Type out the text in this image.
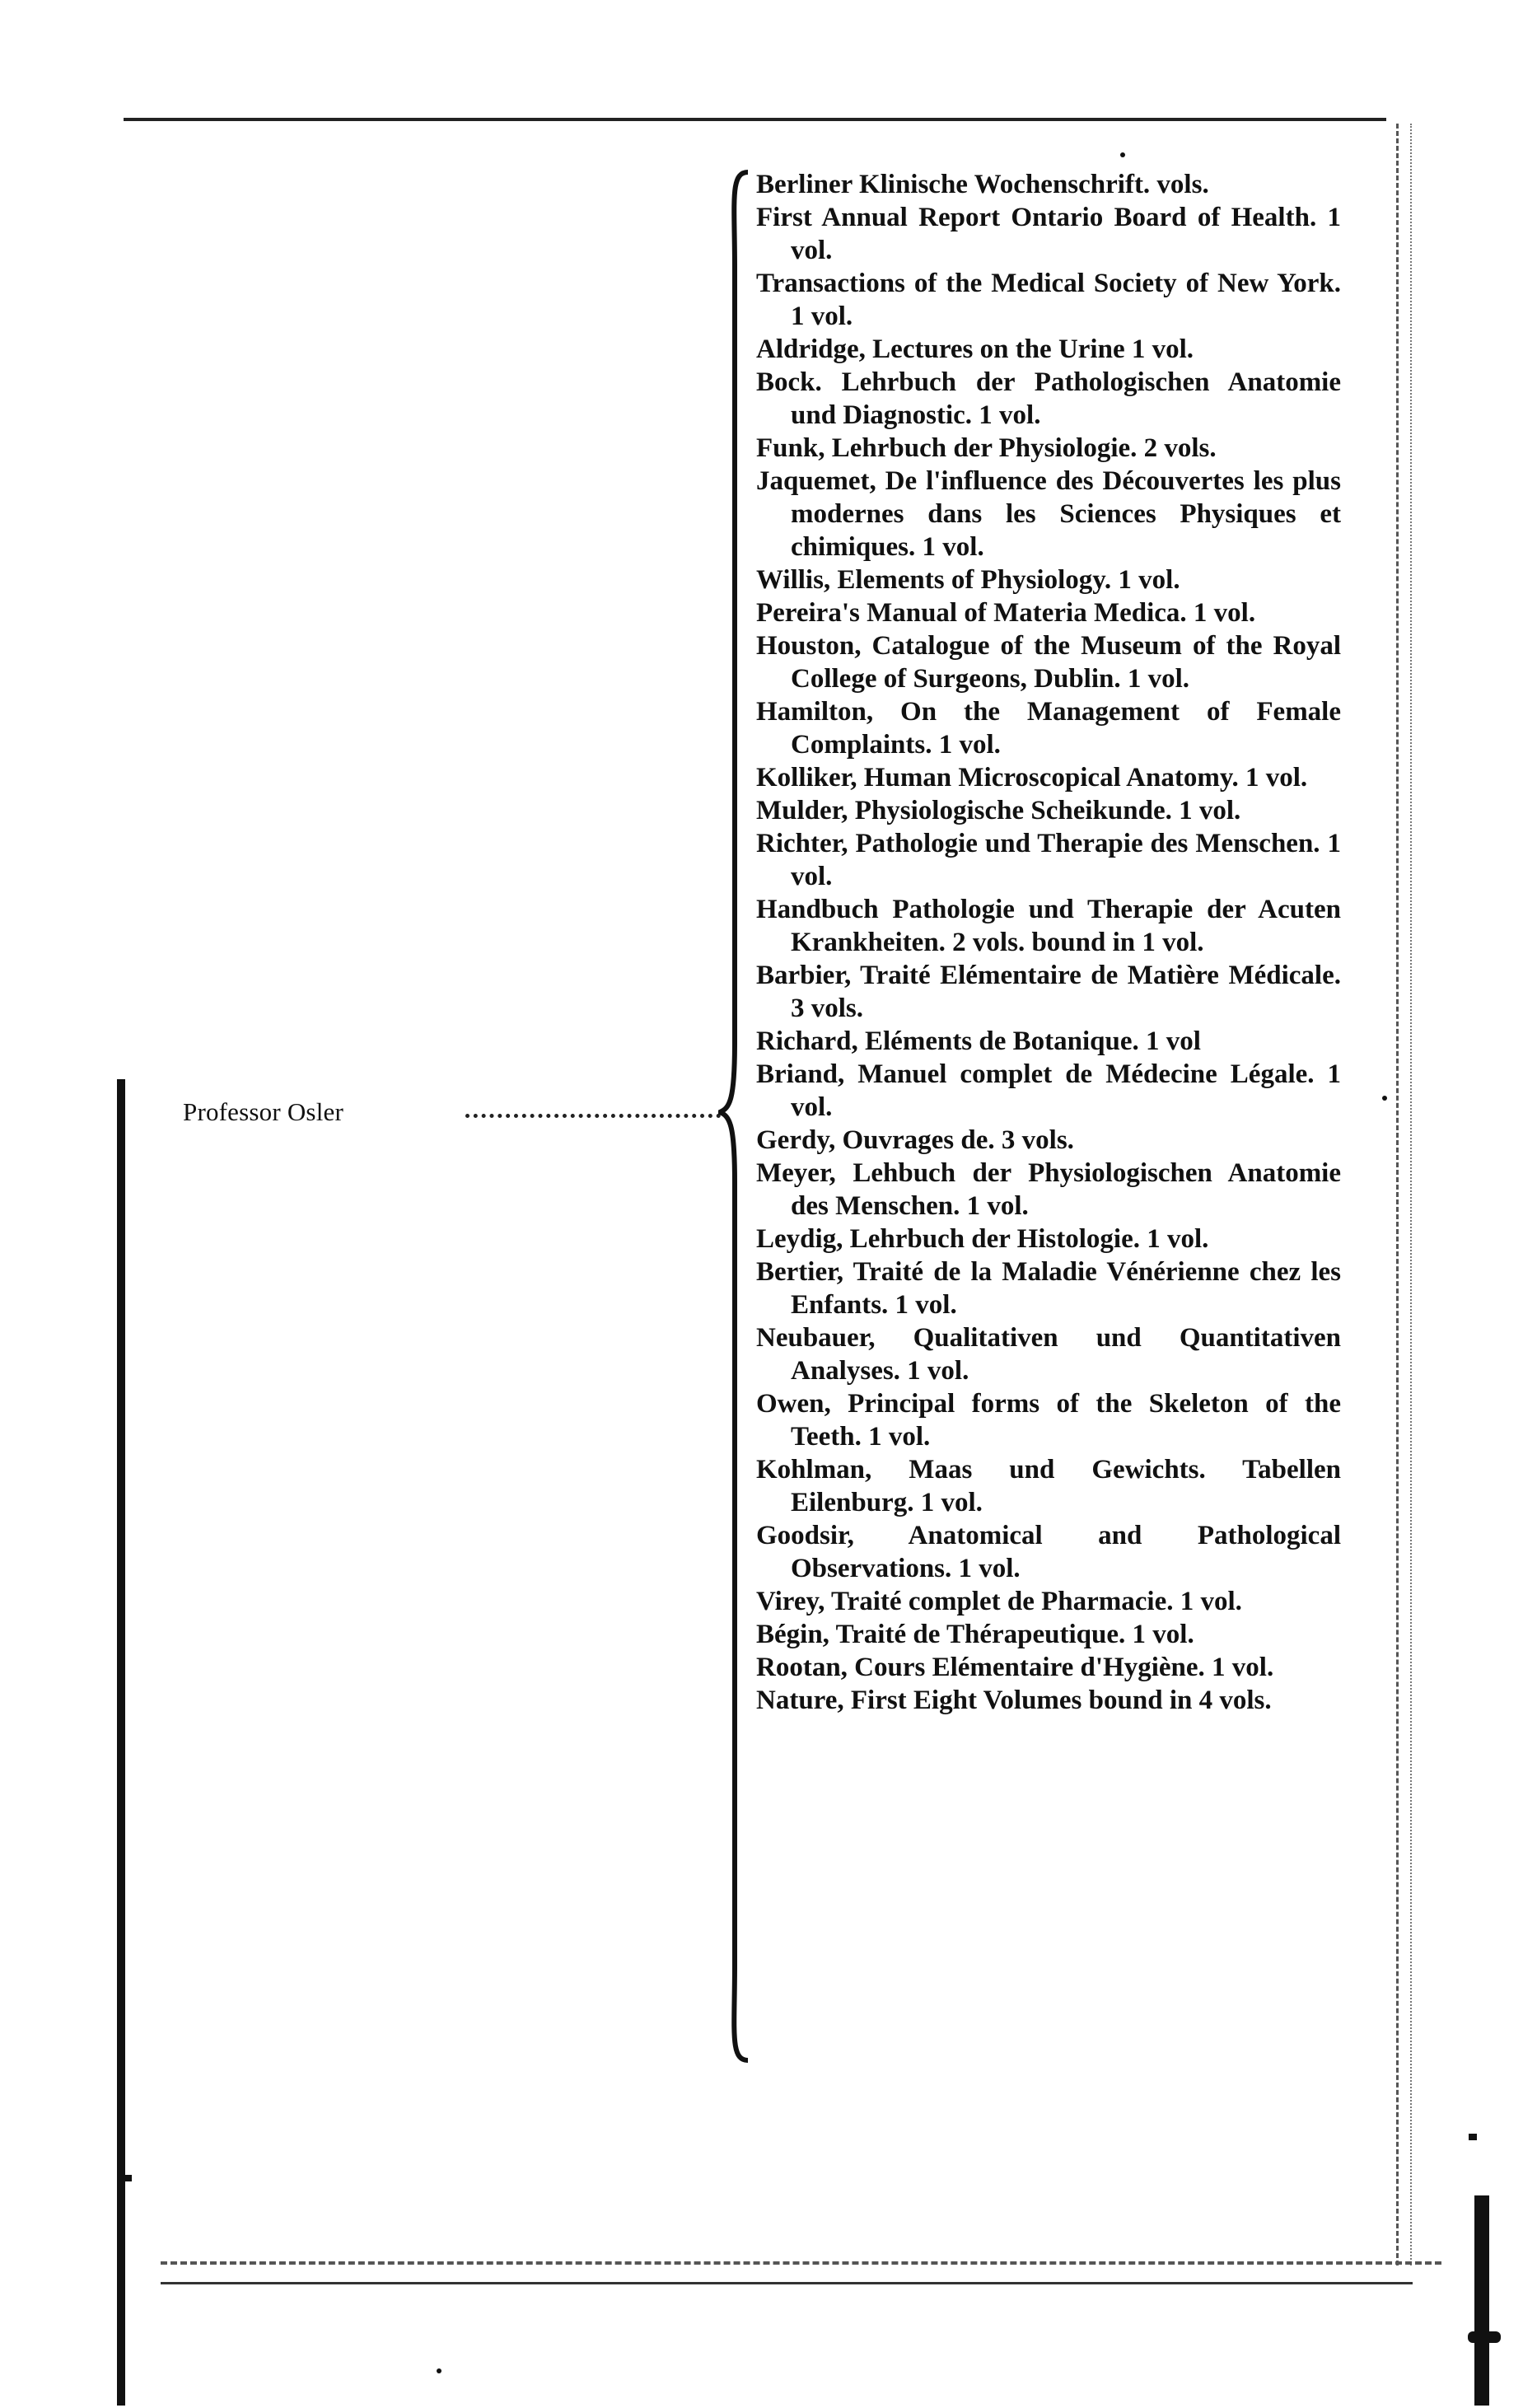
Professor Osler

Berliner Klinische Wochenschrift. vols.

First Annual Report Ontario Board of Health. 1 vol.

Transactions of the Medical Society of New York. 1 vol.

Aldridge, Lectures on the Urine 1 vol.

Bock. Lehrbuch der Pathologischen Anatomie und Diagnostic. 1 vol.

Funk, Lehrbuch der Physiologie. 2 vols.

Jaquemet, De l'influence des Découvertes les plus modernes dans les Sciences Physiques et chimiques. 1 vol.

Willis, Elements of Physiology. 1 vol.

Pereira's Manual of Materia Medica. 1 vol.

Houston, Catalogue of the Museum of the Royal College of Surgeons, Dublin. 1 vol.

Hamilton, On the Management of Female Complaints. 1 vol.

Kolliker, Human Microscopical Anatomy. 1 vol.

Mulder, Physiologische Scheikunde. 1 vol.

Richter, Pathologie und Therapie des Menschen. 1 vol.

Handbuch Pathologie und Therapie der Acuten Krankheiten. 2 vols. bound in 1 vol.

Barbier, Traité Elémentaire de Matière Médicale. 3 vols.

Richard, Eléments de Botanique. 1 vol

Briand, Manuel complet de Médecine Légale. 1 vol.

Gerdy, Ouvrages de. 3 vols.

Meyer, Lehbuch der Physiologischen Anatomie des Menschen. 1 vol.

Leydig, Lehrbuch der Histologie. 1 vol.

Bertier, Traité de la Maladie Vénérienne chez les Enfants. 1 vol.

Neubauer, Qualitativen und Quantitativen Analyses. 1 vol.

Owen, Principal forms of the Skeleton of the Teeth. 1 vol.

Kohlman, Maas und Gewichts. Tabellen Eilenburg. 1 vol.

Goodsir, Anatomical and Pathological Observations. 1 vol.

Virey, Traité complet de Pharmacie. 1 vol.

Bégin, Traité de Thérapeutique. 1 vol.

Rootan, Cours Elémentaire d'Hygiène. 1 vol.

Nature, First Eight Volumes bound in 4 vols.
